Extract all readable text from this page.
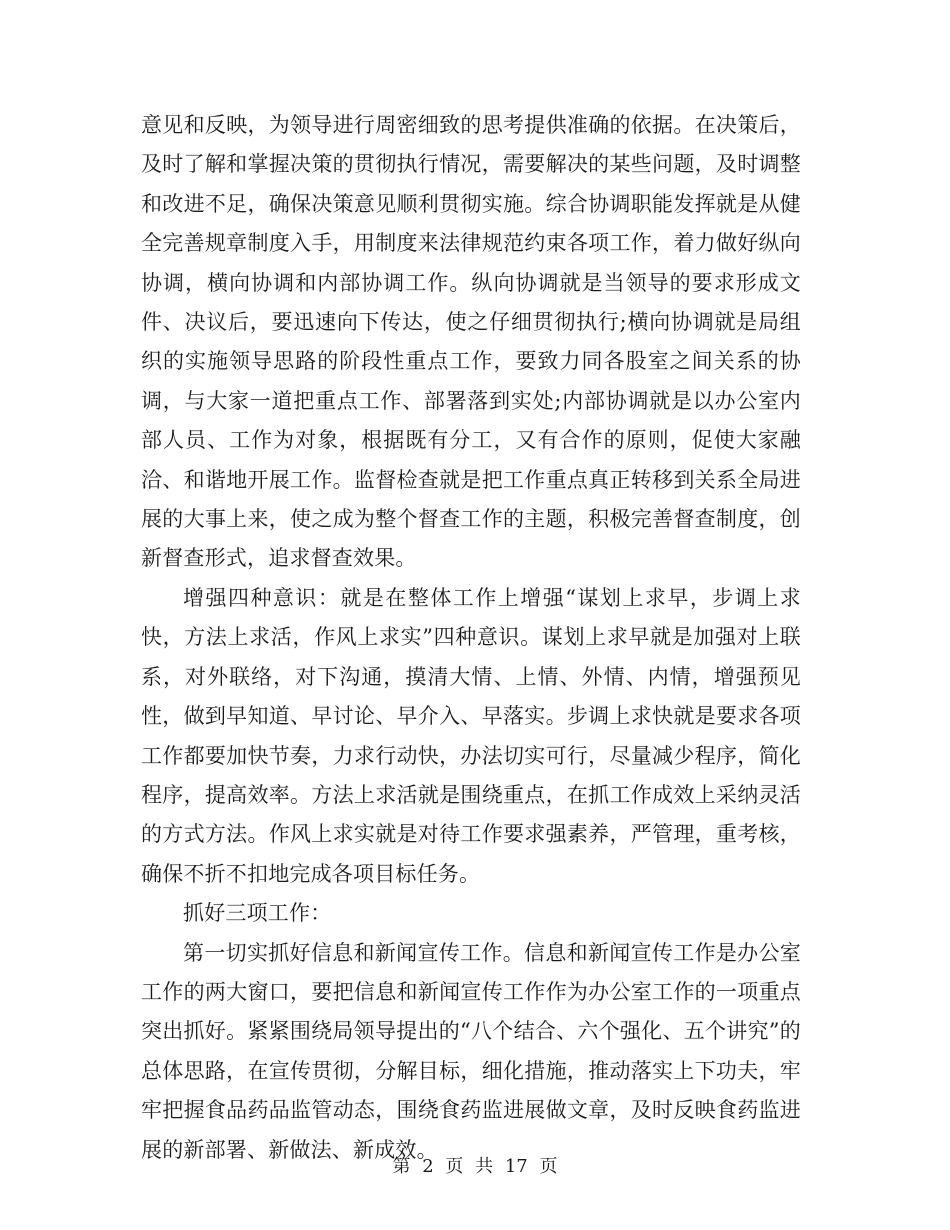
意见和反映，为领导进行周密细致的思考提供准确的依据。在决策后，及时了解和掌握决策的贯彻执行情况，需要解决的某些问题，及时调整和改进不足，确保决策意见顺利贯彻实施。综合协调职能发挥就是从健全完善规章制度入手，用制度来法律规范约束各项工作，着力做好纵向协调，横向协调和内部协调工作。纵向协调就是当领导的要求形成文件、决议后，要迅速向下传达，使之仔细贯彻执行;横向协调就是局组织的实施领导思路的阶段性重点工作，要致力同各股室之间关系的协调，与大家一道把重点工作、部署落到实处;内部协调就是以办公室内部人员、工作为对象，根据既有分工，又有合作的原则，促使大家融洽、和谐地开展工作。监督检查就是把工作重点真正转移到关系全局进展的大事上来，使之成为整个督查工作的主题，积极完善督查制度，创新督查形式，追求督查效果。

增强四种意识：就是在整体工作上增强“谋划上求早，步调上求快，方法上求活，作风上求实”四种意识。谋划上求早就是加强对上联系，对外联络，对下沟通，摸清大情、上情、外情、内情，增强预见性，做到早知道、早讨论、早介入、早落实。步调上求快就是要求各项工作都要加快节奏，力求行动快，办法切实可行，尽量减少程序，简化程序，提高效率。方法上求活就是围绕重点，在抓工作成效上采纳灵活的方式方法。作风上求实就是对待工作要求强素养，严管理，重考核，确保不折不扣地完成各项目标任务。

抓好三项工作：

第一切实抓好信息和新闻宣传工作。信息和新闻宣传工作是办公室工作的两大窗口，要把信息和新闻宣传工作作为办公室工作的一项重点突出抓好。紧紧围绕局领导提出的“八个结合、六个强化、五个讲究”的总体思路，在宣传贯彻，分解目标，细化措施，推动落实上下功夫，牢牢把握食品药品监管动态，围绕食药监进展做文章，及时反映食药监进展的新部署、新做法、新成效。

第 2 页 共 17 页
